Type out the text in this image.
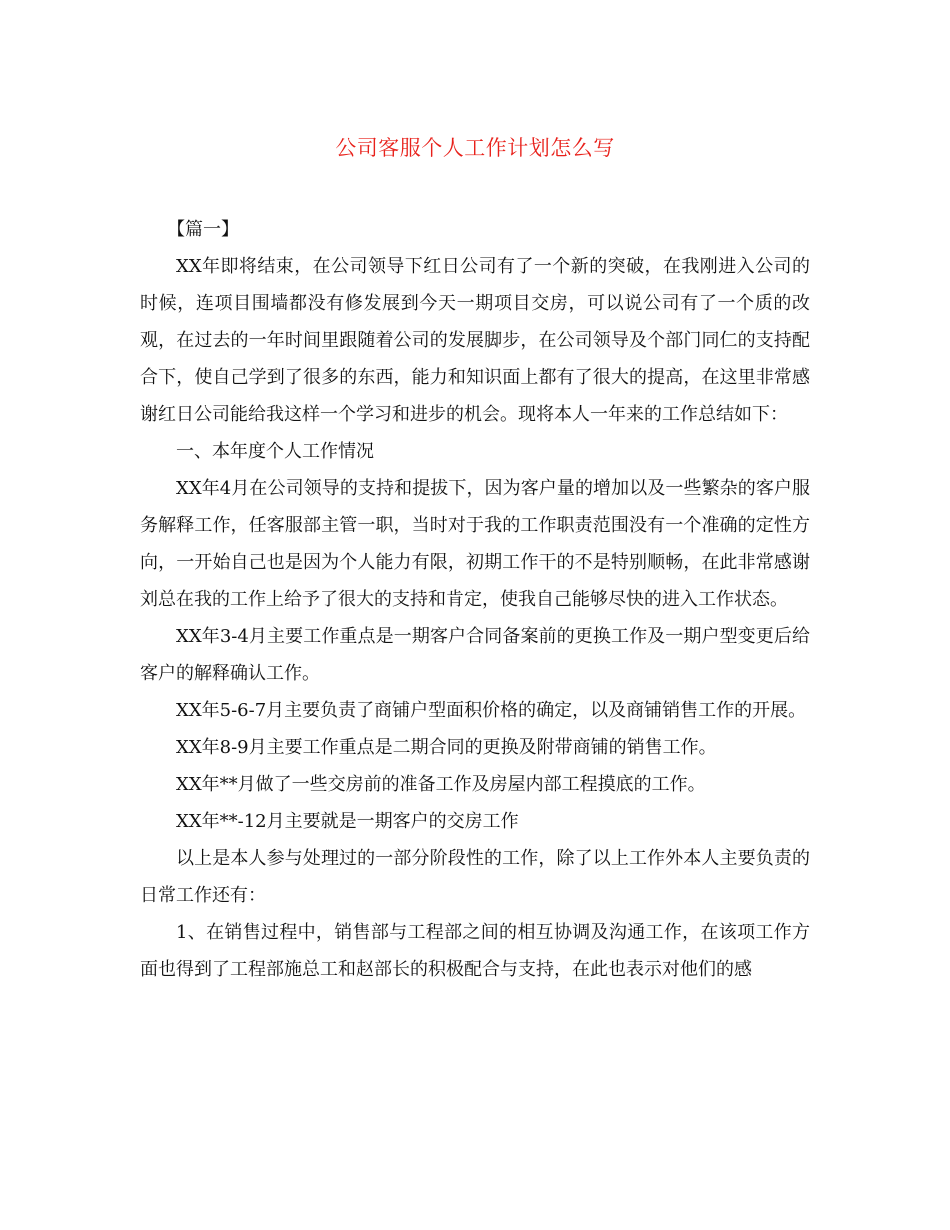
公司客服个人工作计划怎么写

【篇一】

XX年即将结束，在公司领导下红日公司有了一个新的突破，在我刚进入公司的时候，连项目围墙都没有修发展到今天一期项目交房，可以说公司有了一个质的改观，在过去的一年时间里跟随着公司的发展脚步，在公司领导及个部门同仁的支持配合下，使自己学到了很多的东西，能力和知识面上都有了很大的提高，在这里非常感谢红日公司能给我这样一个学习和进步的机会。现将本人一年来的工作总结如下：

一、本年度个人工作情况

XX年4月在公司领导的支持和提拔下，因为客户量的增加以及一些繁杂的客户服务解释工作，任客服部主管一职，当时对于我的工作职责范围没有一个准确的定性方向，一开始自己也是因为个人能力有限，初期工作干的不是特别顺畅，在此非常感谢刘总在我的工作上给予了很大的支持和肯定，使我自己能够尽快的进入工作状态。

XX年3-4月主要工作重点是一期客户合同备案前的更换工作及一期户型变更后给客户的解释确认工作。

XX年5-6-7月主要负责了商铺户型面积价格的确定，以及商铺销售工作的开展。

XX年8-9月主要工作重点是二期合同的更换及附带商铺的销售工作。

XX年**月做了一些交房前的准备工作及房屋内部工程摸底的工作。

XX年**-12月主要就是一期客户的交房工作

以上是本人参与处理过的一部分阶段性的工作，除了以上工作外本人主要负责的日常工作还有：

1、在销售过程中，销售部与工程部之间的相互协调及沟通工作，在该项工作方面也得到了工程部施总工和赵部长的积极配合与支持，在此也表示对他们的感
